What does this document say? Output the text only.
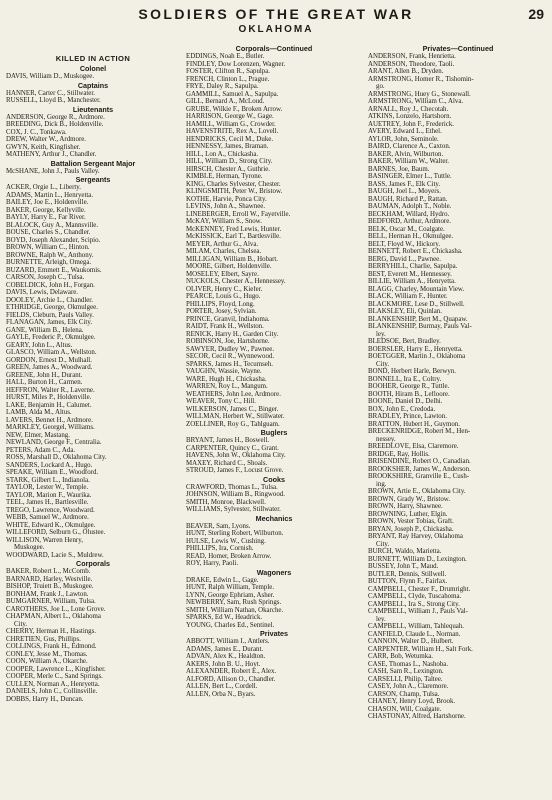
SOLDIERS OF THE GREAT WAR	29
OKLAHOMA
KILLED IN ACTION
Colonel
DAVIS, William D., Muskogee.
Captains
HANNER, Carter C., Stillwater.
RUSSELL, Lloyd B., Manchester.
Lieutenants
ANDERSON, George R., Ardmore.
BREEDING, Dick B., Holdenville.
COX, J. C., Tonkawa.
DREW, Walter W., Ardmore.
GWYN, Keith, Kingfisher.
MATHENY, Arthur J., Chandler.
Battalion Sergeant Major
McSHANE, John J., Pauls Valley.
Sergeants
ACKER, Orgie L., Liberty.
ADAMS, Martin L., Henryetta.
BAILEY, Joe E., Holdenville.
BAKER, George, Kellyville.
BAYLY, Harry E., Far River.
BLALOCK, Guy A., Mannsville.
BOUSE, Charles S., Chandler.
BOYD, Joseph Alexander, Scipio.
BROWN, William C., Hinton.
BROWNE, Ralph W., Anthony.
BURNETTE, Arleigh, Omega.
BUZARD, Emmett E., Waukomis.
CARSON, Joseph C., Tulsa.
COBELDICK, John H., Forgan.
DAVIS, Lewis, Delaware.
DOOLEY, Archie L., Chandler.
ETHRIDGE, George, Okmulgee.
FIELDS, Cleburn, Pauls Valley.
FLANAGAN, James, Elk City.
GANE, William B., Helena.
GAYLE, Frederic P., Okmulgee.
GEARY, John L., Altus.
GLASCO, William A., Wellston.
GORDON, Ernest D., Mulhall.
GREEN, James A., Woodward.
GREENE, John H., Durant.
HALL, Burton H., Carmen.
HEFFRON, Walter R., Laverne.
HURST, Miles P., Holdenville.
LAKE, Benjamin H., Calumet.
LAMB, Alda M., Altus.
LAVERS, Bennet H., Ardmore.
MARKLEY, Georgel, Williams.
NEW, Elmer, Mastang.
NEWLAND, George F., Centralia.
PETERS, Adam C., Ada.
ROSS, Marshall D., Oklahoma City.
SANDERS, Lockard A., Hugo.
SPEAKE, William E., Woodford.
STARK, Gilbert L., Indianola.
TAYLOR, Lester W., Temple.
TAYLOR, Marion F., Waurika.
TEEL, James H., Bartlesville.
TREGO, Lawrence, Woodward.
WEBB, Samuel W., Ardmore.
WHITE, Edward K., Okmulgee.
WILLEFORD, Selburn G., Olustee.
WILLISON, Warren Henry,
Muskogee.
WOODWARD, Lacie S., Muldrew.
Corporals
BAKER, Robert L., McComb.
BARNARD, Harley, Westville.
BISHOP, Truiett B., Muskogee.
BONHAM, Frank J., Lawton.
BUMGARNER, William, Tulsa.
CAROTHERS, Joe L., Lone Grove.
CHAPMAN, Albert L., Oklahoma
City.
CHERRY, Herman H., Hastings.
CHRETIEN, Gus, Phillips.
COLLINGS, Frank H., Edmond.
CONLEY, Jesse M., Thomas.
COON, William A., Okarche.
COOPER, Lawrence L., Kingfisher.
COOPER, Merle C., Sand Springs.
CULLEN, Norman A., Henryetta.
DANIELS, John C., Collinsville.
DOBBS, Harry H., Duncan.
Corporals—Continued
EDDINGS, Noah E., Butler.
FINDLEY, Dow Lorenzen, Wagner.
FOSTER, Clifton R., Sapulpa.
FRENCH, Clinton L., Prague.
FRYE, Daley R., Sapulpa.
GAMMILL, Samuel A., Sapulpa.
GILL, Bernard A., McLoud.
GRUBE, Wilkie F., Broken Arrow.
HARRISON, George W., Gage.
HAMILL, William G., Crowder.
HAVENSTRITE, Rex A., Lovell.
HENDRICKS, Cecil M., Duke.
HENNESSY, James, Braman.
HILL, Lon A., Chickasha.
HILL, William D., Strong City.
HIRSCH, Chester A., Guthrie.
KIMBLE, Herman, Tyrone.
KING, Charles Sylvester, Chester.
KLINGSMITH, Peter W., Bristow.
KOTHE, Harvie, Ponca City.
LEVINS, John A., Shawnee.
LINEBERGER, Erroll W., Fayetville.
McKAY, William S., Snow.
McKENNEY, Fred Lewis, Hunter.
McKISSICK, Earl T., Bartlesville.
MEYER, Arthur G., Alva.
MILAM, Charles, Chelsea.
MILLIGAN, William B., Hobart.
MOORE, Gilbert, Holdenville.
MOSELEY, Elbert, Sayre.
NUCKOLS, Chester A., Hennessey.
OLIVER, Henry C., Kiefer.
PEARCE, Louis G., Hugo.
PHILLIPS, Floyd, Long.
PORTER, Josey, Sylvian.
PRINCE, Granvil, Indiahoma.
RAIDT, Frank H., Wellston.
RENICK, Harry H., Garden City.
ROBINSON, Joe, Hartshorne.
SAWYER, Dudley W., Pawnee.
SECOR, Cecil R., Wynnewood.
SPARKS, James H., Tecumseh.
VAUGHN, Wassie, Wayne.
WARE, Hugh H., Chickasha.
WARREN, Roy L., Mangum.
WEATHERS, John Lee, Ardmore.
WEAVER, Tony C., Hill.
WILKERSON, James C., Binger.
WILLMAN, Herbert W., Stillwater.
ZOELLINER, Roy G., Tahlguam.
Buglers
BRYANT, James H., Boswell.
CARPENTER, Quincy C., Grant.
HAVENS, John W., Oklahoma City.
MAXEY, Richard C., Shoals.
STROUD, James F., Locust Grove.
Cooks
CRAWFORD, Thomas L., Tulsa.
JOHNSON, William B., Ringwood.
SMITH, Monroe, Blackwell.
WILLIAMS, Sylvester, Stillwater.
Mechanics
BEAVER, Sam, Lyons.
HUNT, Sterling Robert, Wilburton.
HULSE, Lewis W., Cushing.
PHILLIPS, Ira, Cornish.
READ, Homer, Broken Arrow.
ROY, Harry, Paoli.
Wagoners
DRAKE, Edwin L., Gage.
HUNT, Ralph William, Temple.
LYNN, George Ephriam, Asher.
NEWBERRY, Sam, Rush Springs.
SMITH, William Nathan, Okarche.
SPARKS, Ed W., Headrick.
YOUNG, Charles Ed., Sentinel.
Privates
ABBOTT, William I., Antlers.
ADAMS, James E., Durant.
ADVAN, Alex K., Healdton.
AKERS, John B. U., Hoyt.
ALEXANDER, Robert E., Alex.
ALFORD, Allison O., Chandler.
ALLEN, Bert L., Cordell.
ALLEN, Orba N., Byars.
Privates—Continued
ANDERSON, Frank, Henrietta.
ANDERSON, Theodore, Taoli.
ARANT, Allen B., Dryden.
ARMSTRONG, Homer R., Tishomin-
go.
ARMSTRONG, Huey G., Stonewall.
ARMSTRONG, William C., Alva.
ARNALL, Roy J., Checotah.
ATKINS, Lonzelo, Hartshorn.
AUETREY, John F., Frederick.
AVERY, Edward L., Ethel.
AYLOR, John, Seminole.
BAIRD, Clarence A., Caxton.
BAKER, Alvin, Wilburton.
BAKER, William W., Walter.
BARNES, Joe, Baum.
BASINGER, Elmer L., Tuttle.
BASS, James F., Elk City.
BAUGH, Joel L., Moyers.
BAUGH, Richard P., Rattan.
BAUMAN, Adolph T., Noble.
BECKHAM, Willard, Hydro.
BEDFORD, Arthur, Ardmore.
BELK, Oscar M., Coalgate.
BELL, Herman H., Okmulgee.
BELT, Floyd W., Hickory.
BENNETT, Robert E., Chickasha.
BERG, David L., Pawnee.
BERRYHILL, Charlie, Sapulpa.
BEST, Everett M., Hennessey.
BILLIE, William A., Henryetta.
BLAGG, Charley, Mountain View.
BLACK, William F., Hunter.
BLACKMORE, Lese D., Stillwell.
BLAKSLEY, Eli, Quinlan.
BLANKENSHIP, Bert M., Quapaw.
BLANKENSHIP, Burmay, Pauls Val-
ley.
BLEDSOE, Bert, Bradley.
BOERSLER, Harry E., Henryetta.
BOETGGER, Martin J., Oklahoma
City.
BOND, Herbert Harle, Berwyn.
BONNELL, Ira E., Coltry.
BOOHER, George R., Tuttle.
BOOTH, Hiram B., Lefloore.
BOONE, Daniel D., Delhi.
BOX, John E., Credoda.
BRADLEY, Prince, Lawton.
BRATTON, Hubert H., Guymon.
BRECKENRIDGE, Robert M., Hen-
nessey.
BREEDLOVE, Elsa, Claremore.
BRIDGE, Ray, Hollis.
BRISENDINE, Robert O., Canadian.
BROOKSHER, James W., Anderson.
BROOKSHIRE, Granville E., Cush-
ing.
BROWN, Artie E., Oklahoma City.
BROWN, Grady W., Bristow.
BROWN, Harry, Shawnee.
BROWNING, Luther, Elgin.
BROWN, Vester Tobias, Graft.
BRYAN, Joseph P., Chickasha.
BRYANT, Ray Harvey, Oklahoma
City.
BURCH, Waldo, Marietta.
BURNETT, William D., Lexington.
BUSSEY, John T., Maud.
BUTLER, Dennis, Stillwell.
BUTTON, Flynn F., Fairfax.
CAMPBELL, Chester F., Drumright.
CAMPBELL, Clyde, Tuscahoma.
CAMPBELL, Ira S., Strong City.
CAMPBELL, William J., Pauls Val-
ley.
CAMPBELL, William, Tahlequah.
CANFIELD, Claude L., Norman.
CANNON, Walter D., Hulbert.
CARPENTER, William H., Salt Fork.
CARR, Bob, Wetumka.
CASE, Thomas L., Nashoba.
CASH, Sam R., Lexington.
CARSELLI, Philip, Taltee.
CASEY, John A., Claremore.
CARSON, Champ, Tulsa.
CHANEY, Henry Loyd, Brook.
CHASON, Will, Coalgate.
CHASTONAY, Alfred, Hartshorne.
